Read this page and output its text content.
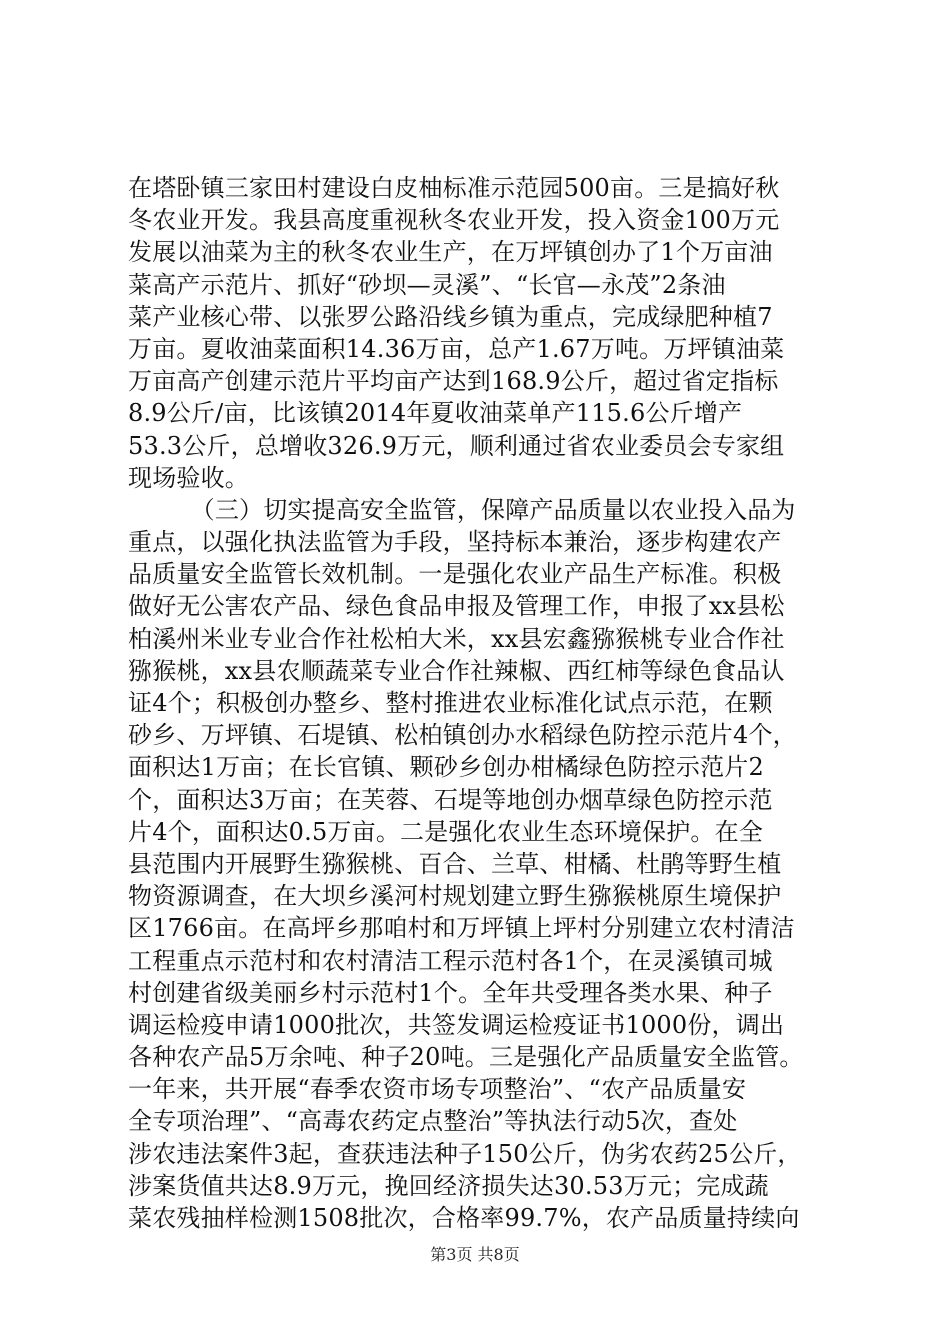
在塔卧镇三家田村建设白皮柚标准示范园500亩。三是搞好秋
冬农业开发。我县高度重视秋冬农业开发，投入资金100万元
发展以油菜为主的秋冬农业生产，在万坪镇创办了1个万亩油
菜高产示范片、抓好“砂坝—灵溪”、“长官—永茂”2条油
菜产业核心带、以张罗公路沿线乡镇为重点，完成绿肥种植7
万亩。夏收油菜面积14.36万亩，总产1.67万吨。万坪镇油菜
万亩高产创建示范片平均亩产达到168.9公斤，超过省定指标
8.9公斤/亩，比该镇2014年夏收油菜单产115.6公斤增产
53.3公斤，总增收326.9万元，顺利通过省农业委员会专家组
现场验收。
（三）切实提高安全监管，保障产品质量以农业投入品为
重点，以强化执法监管为手段，坚持标本兼治，逐步构建农产
品质量安全监管长效机制。一是强化农业产品生产标准。积极
做好无公害农产品、绿色食品申报及管理工作，申报了xx县松
柏溪州米业专业合作社松柏大米，xx县宏鑫猕猴桃专业合作社
猕猴桃，xx县农顺蔬菜专业合作社辣椒、西红柿等绿色食品认
证4个；积极创办整乡、整村推进农业标准化试点示范，在颗
砂乡、万坪镇、石堤镇、松柏镇创办水稻绿色防控示范片4个，
面积达1万亩；在长官镇、颗砂乡创办柑橘绿色防控示范片2
个，面积达3万亩；在芙蓉、石堤等地创办烟草绿色防控示范
片4个，面积达0.5万亩。二是强化农业生态环境保护。在全
县范围内开展野生猕猴桃、百合、兰草、柑橘、杜鹃等野生植
物资源调查，在大坝乡溪河村规划建立野生猕猴桃原生境保护
区1766亩。在高坪乡那咱村和万坪镇上坪村分别建立农村清洁
工程重点示范村和农村清洁工程示范村各1个，在灵溪镇司城
村创建省级美丽乡村示范村1个。全年共受理各类水果、种子
调运检疫申请1000批次，共签发调运检疫证书1000份，调出
各种农产品5万余吨、种子20吨。三是强化产品质量安全监管。
一年来，共开展“春季农资市场专项整治”、“农产品质量安
全专项治理”、“高毒农药定点整治”等执法行动5次，查处
涉农违法案件3起，查获违法种子150公斤，伪劣农药25公斤，
涉案货值共达8.9万元，挽回经济损失达30.53万元；完成蔬
菜农残抽样检测1508批次，合格率99.7%，农产品质量持续向
第3页 共8页
